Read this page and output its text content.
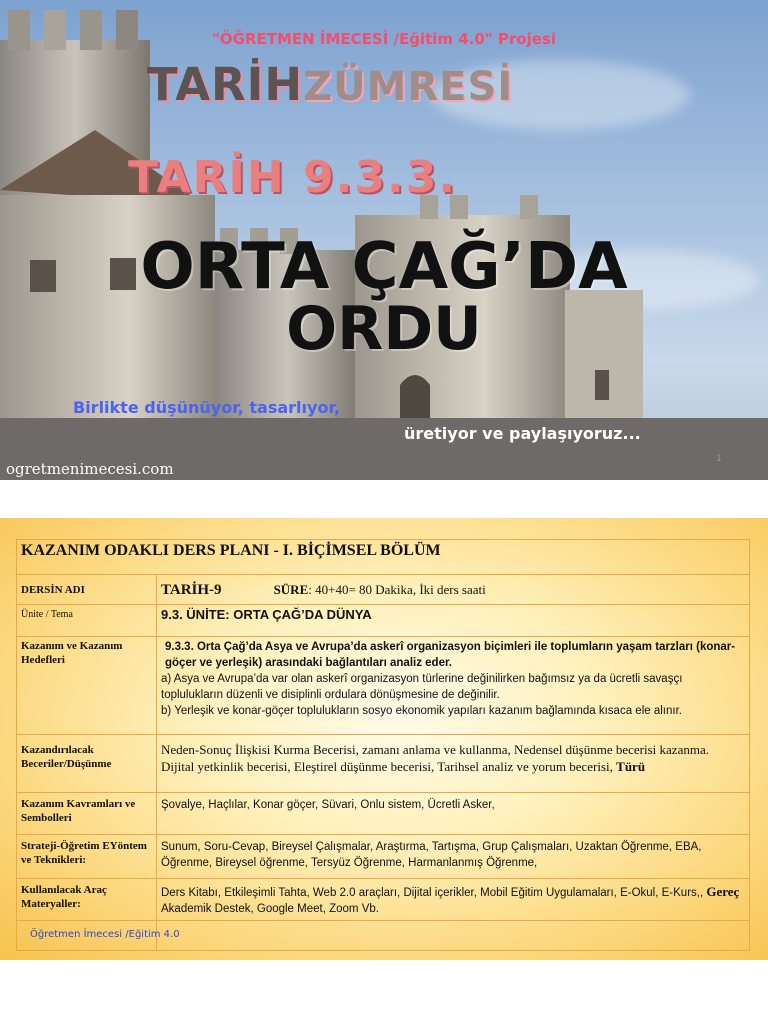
"ÖĞRETMEN İMECESİ /Eğitim 4.0" Projesi
TARİHZÜMRESİ
TARİH 9.3.3.
ORTA ÇAĞ’DA
ORDU
Birlikte düşünüyor, tasarlıyor,
üretiyor ve paylaşıyoruz...
ogretmenimecesi.com
1
KAZANIM ODAKLI DERS PLANI - I. BİÇİMSEL BÖLÜM	
DERSİN ADI	TARİH-9 SÜRE: 40+40= 80 Dakika, İki ders saati
Ünite / Tema	9.3. ÜNİTE: ORTA ÇAĞ’DA DÜNYA
Kazanım ve Kazanım Hedefleri	9.3.3. Orta Çağ’da Asya ve Avrupa’da askerî organizasyon biçimleri ile toplumların yaşam tarzları (konar-göçer ve yerleşik) arasındaki bağlantıları analiz eder.
a) Asya ve Avrupa’da var olan askerî organizasyon türlerine değinilirken bağımsız ya da ücretli savaşçı toplulukların düzenli ve disiplinli ordulara dönüşmesine de değinilir.
b) Yerleşik ve konar-göçer toplulukların sosyo ekonomik yapıları kazanım bağlamında kısaca ele alınır.

Kazandırılacak Beceriler/Düşünme	Neden-Sonuç İlişkisi Kurma Becerisi, zamanı anlama ve kullanma, Nedensel düşünme becerisi kazanma. Dijital yetkinlik becerisi, Eleştirel düşünme becerisi, Tarihsel analiz ve yorum becerisi, Türü
Kazanım Kavramları ve Sembolleri	Şovalye, Haçlılar, Konar göçer, Süvari, Onlu sistem, Ücretli Asker,
Strateji-Öğretim EYöntem ve Teknikleri:	Sunum, Soru-Cevap, Bireysel Çalışmalar, Araştırma, Tartışma, Grup Çalışmaları, Uzaktan Öğrenme, EBA, Öğrenme, Bireysel öğrenme, Tersyüz Öğrenme, Harmanlanmış Öğrenme,
Kullanılacak Araç Materyaller:	Ders Kitabı, Etkileşimli Tahta, Web 2.0 araçları, Dijital içerikler, Mobil Eğitim Uygulamaları, E-Okul, E-Kurs,, Gereç
Akademik Destek, Google Meet, Zoom Vb.

Öğretmen İmecesi /Eğitim 4.0
